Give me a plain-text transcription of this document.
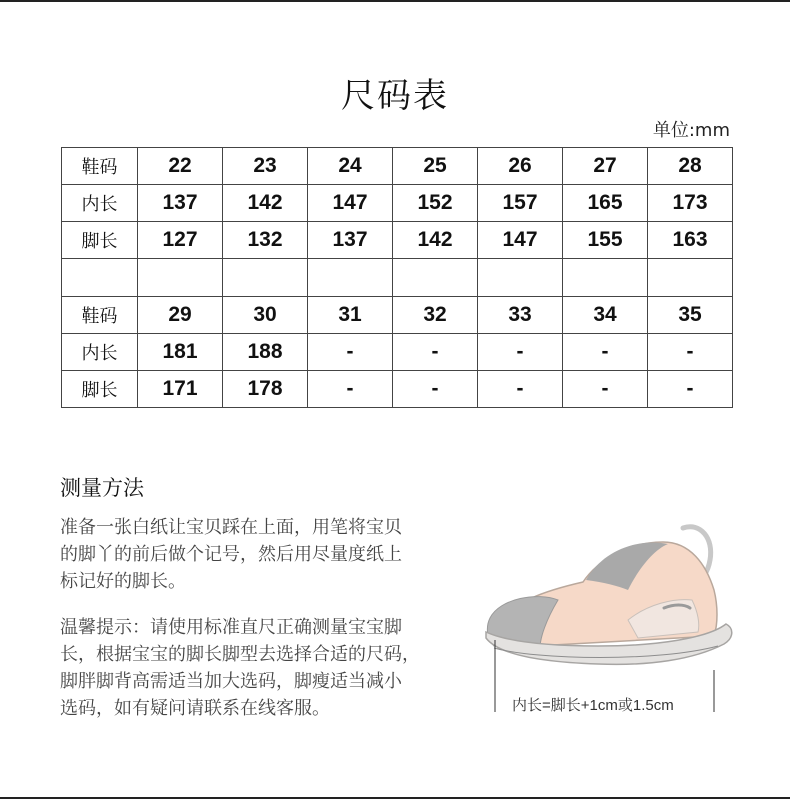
尺码表
单位:mm
鞋码	22	23	24	25	26	27	28
内长	137	142	147	152	157	165	173
脚长	127	132	137	142	147	155	163

鞋码	29	30	31	32	33	34	35
内长	181	188	-	-	-	-	-
脚长	171	178	-	-	-	-	-
测量方法
准备一张白纸让宝贝踩在上面，用笔将宝贝
的脚丫的前后做个记号，然后用尽量度纸上
标记好的脚长。
温馨提示：请使用标准直尺正确测量宝宝脚
长，根据宝宝的脚长脚型去选择合适的尺码，
脚胖脚背高需适当加大选码，脚瘦适当减小
选码，如有疑问请联系在线客服。	内长=脚长+1cm或1.5cm
